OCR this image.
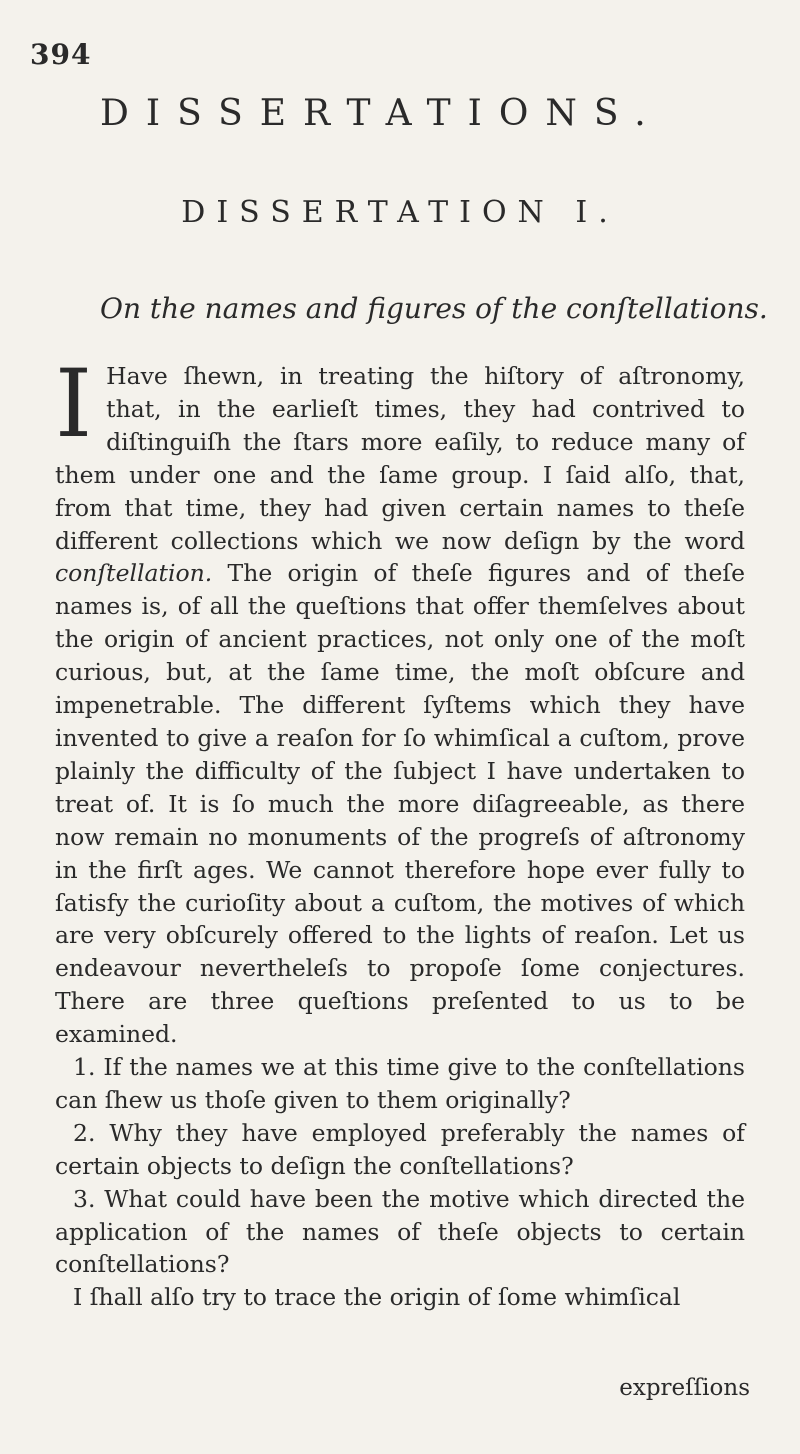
394
DISSERTATIONS.
DISSERTATION I.
On the names and figures of the conſtellations.

I Have ſhewn, in treating the hiſtory of aſtronomy, that, in the earlieſt times, they had contrived to diſtinguiſh the ſtars more eaſily, to reduce many of them under one and the ſame group. I ſaid alſo, that, from that time, they had given certain names to theſe different collections which we now deſign by the word conſtellation. The origin of theſe figures and of theſe names is, of all the queſtions that offer themſelves about the origin of ancient practices, not only one of the moſt curious, but, at the ſame time, the moſt obſcure and impenetrable. The different ſyſtems which they have invented to give a reaſon for ſo whimſical a cuſtom, prove plainly the difficulty of the ſubject I have undertaken to treat of. It is ſo much the more diſagreeable, as there now remain no monuments of the progreſs of aſtronomy in the firſt ages. We cannot therefore hope ever fully to ſatisfy the curioſity about a cuſtom, the motives of which are very obſcurely offered to the lights of reaſon. Let us endeavour nevertheleſs to propoſe ſome conjectures. There are three queſtions preſented to us to be examined.

1. If the names we at this time give to the conſtellations can ſhew us thoſe given to them originally?

2. Why they have employed preferably the names of certain objects to deſign the conſtellations?

3. What could have been the motive which directed the application of the names of theſe objects to certain conſtellations?

I ſhall alſo try to trace the origin of ſome whimſical

expreſſions
